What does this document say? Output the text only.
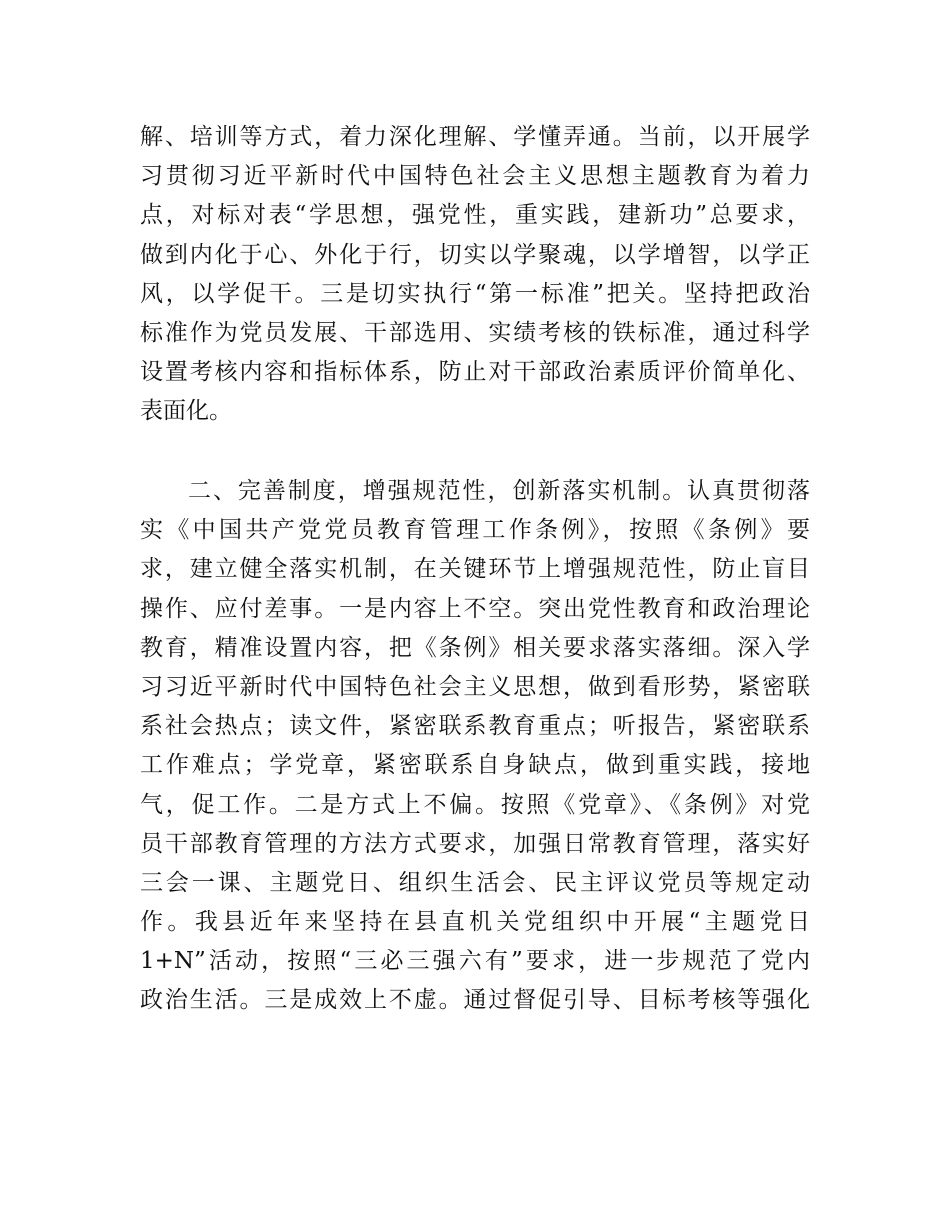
解、培训等方式，着力深化理解、学懂弄通。当前，以开展学
习贯彻习近平新时代中国特色社会主义思想主题教育为着力
点，对标对表“学思想，强党性，重实践，建新功”总要求，
做到内化于心、外化于行，切实以学聚魂，以学增智，以学正
风，以学促干。三是切实执行“第一标准”把关。坚持把政治
标准作为党员发展、干部选用、实绩考核的铁标准，通过科学
设置考核内容和指标体系，防止对干部政治素质评价简单化、
表面化。
二、完善制度，增强规范性，创新落实机制。认真贯彻落
实《中国共产党党员教育管理工作条例》，按照《条例》要
求，建立健全落实机制，在关键环节上增强规范性，防止盲目
操作、应付差事。一是内容上不空。突出党性教育和政治理论
教育，精准设置内容，把《条例》相关要求落实落细。深入学
习习近平新时代中国特色社会主义思想，做到看形势，紧密联
系社会热点；读文件，紧密联系教育重点；听报告，紧密联系
工作难点；学党章，紧密联系自身缺点，做到重实践，接地
气，促工作。二是方式上不偏。按照《党章》、《条例》对党
员干部教育管理的方法方式要求，加强日常教育管理，落实好
三会一课、主题党日、组织生活会、民主评议党员等规定动
作。我县近年来坚持在县直机关党组织中开展“主题党日
1+N”活动，按照“三必三强六有”要求，进一步规范了党内
政治生活。三是成效上不虚。通过督促引导、目标考核等强化
